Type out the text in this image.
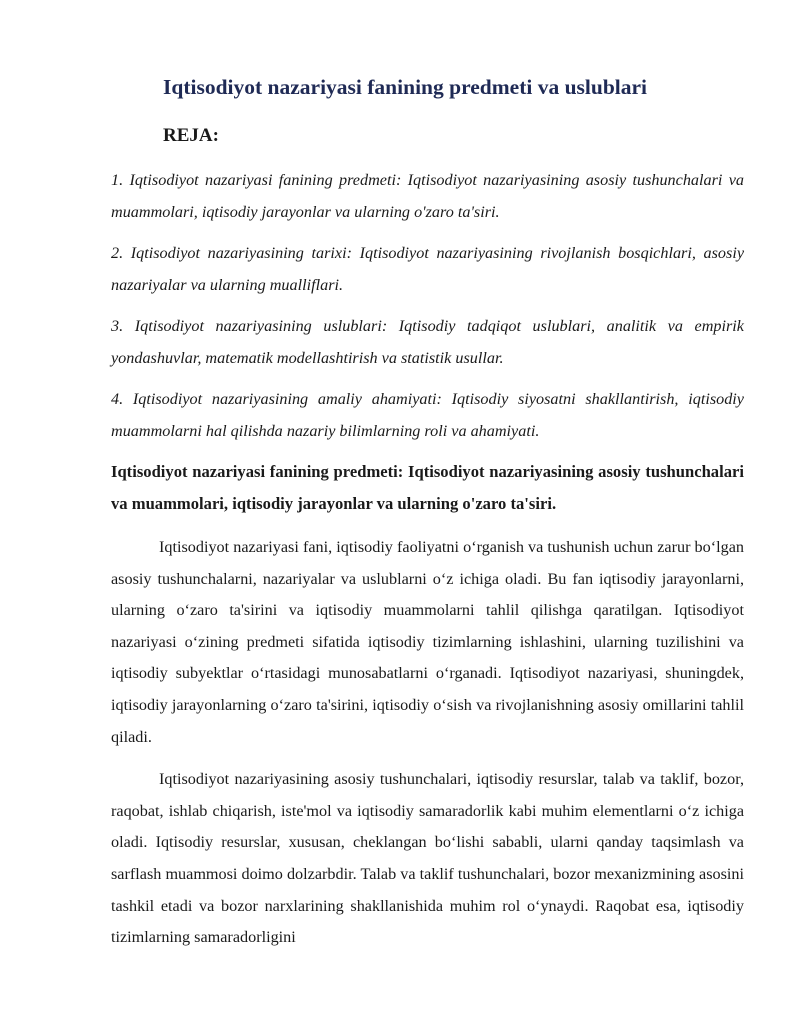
Iqtisodiyot nazariyasi fanining predmeti va uslublari
REJA:

1. Iqtisodiyot nazariyasi fanining predmeti: Iqtisodiyot nazariyasining asosiy tushunchalari va muammolari, iqtisodiy jarayonlar va ularning o'zaro ta'siri.

2. Iqtisodiyot nazariyasining tarixi: Iqtisodiyot nazariyasining rivojlanish bosqichlari, asosiy nazariyalar va ularning mualliflari.

3. Iqtisodiyot nazariyasining uslublari: Iqtisodiy tadqiqot uslublari, analitik va empirik yondashuvlar, matematik modellashtirish va statistik usullar.

4. Iqtisodiyot nazariyasining amaliy ahamiyati: Iqtisodiy siyosatni shakllantirish, iqtisodiy muammolarni hal qilishda nazariy bilimlarning roli va ahamiyati.

Iqtisodiyot nazariyasi fanining predmeti: Iqtisodiyot nazariyasining asosiy tushunchalari va muammolari, iqtisodiy jarayonlar va ularning o'zaro ta'siri.

Iqtisodiyot nazariyasi fani, iqtisodiy faoliyatni o‘rganish va tushunish uchun zarur bo‘lgan asosiy tushunchalarni, nazariyalar va uslublarni o‘z ichiga oladi. Bu fan iqtisodiy jarayonlarni, ularning o‘zaro ta'sirini va iqtisodiy muammolarni tahlil qilishga qaratilgan. Iqtisodiyot nazariyasi o‘zining predmeti sifatida iqtisodiy tizimlarning ishlashini, ularning tuzilishini va iqtisodiy subyektlar o‘rtasidagi munosabatlarni o‘rganadi. Iqtisodiyot nazariyasi, shuningdek, iqtisodiy jarayonlarning o‘zaro ta'sirini, iqtisodiy o‘sish va rivojlanishning asosiy omillarini tahlil qiladi.

Iqtisodiyot nazariyasining asosiy tushunchalari, iqtisodiy resurslar, talab va taklif, bozor, raqobat, ishlab chiqarish, iste'mol va iqtisodiy samaradorlik kabi muhim elementlarni o‘z ichiga oladi. Iqtisodiy resurslar, xususan, cheklangan bo‘lishi sababli, ularni qanday taqsimlash va sarflash muammosi doimo dolzarbdir. Talab va taklif tushunchalari, bozor mexanizmining asosini tashkil etadi va bozor narxlarining shakllanishida muhim rol o‘ynaydi. Raqobat esa, iqtisodiy tizimlarning samaradorligini
